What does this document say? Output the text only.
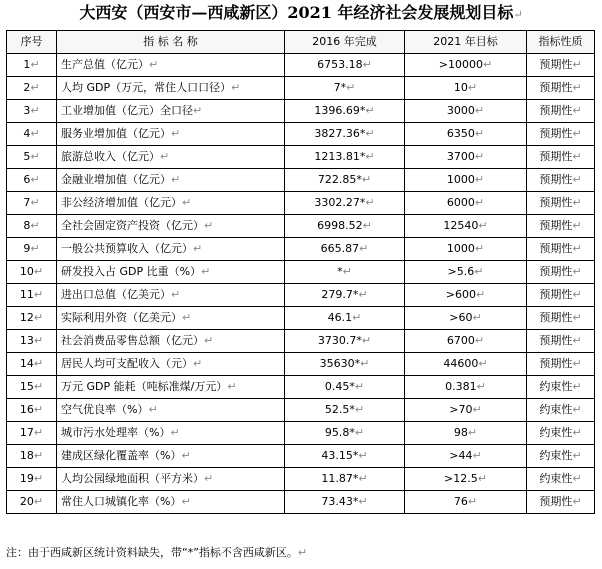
大西安（西安市—西咸新区）2021 年经济社会发展规划目标↵
序号	指 标 名 称	2016 年完成	2021 年目标	指标性质
1↵	生产总值（亿元）↵	6753.18↵	>10000↵	预期性↵
2↵	人均 GDP（万元，常住人口口径）↵	7*↵	10↵	预期性↵
3↵	工业增加值（亿元）全口径↵	1396.69*↵	3000↵	预期性↵
4↵	服务业增加值（亿元）↵	3827.36*↵	6350↵	预期性↵
5↵	旅游总收入（亿元）↵	1213.81*↵	3700↵	预期性↵
6↵	金融业增加值（亿元）↵	722.85*↵	1000↵	预期性↵
7↵	非公经济增加值（亿元）↵	3302.27*↵	6000↵	预期性↵
8↵	全社会固定资产投资（亿元）↵	6998.52↵	12540↵	预期性↵
9↵	一般公共预算收入（亿元）↵	665.87↵	1000↵	预期性↵
10↵	研发投入占 GDP 比重（%）↵	*↵	>5.6↵	预期性↵
11↵	进出口总值（亿美元）↵	279.7*↵	>600↵	预期性↵
12↵	实际利用外资（亿美元）↵	46.1↵	>60↵	预期性↵
13↵	社会消费品零售总额（亿元）↵	3730.7*↵	6700↵	预期性↵
14↵	居民人均可支配收入（元）↵	35630*↵	44600↵	预期性↵
15↵	万元 GDP 能耗（吨标准煤/万元）↵	0.45*↵	0.381↵	约束性↵
16↵	空气优良率（%）↵	52.5*↵	>70↵	约束性↵
17↵	城市污水处理率（%）↵	95.8*↵	98↵	约束性↵
18↵	建成区绿化覆盖率（%）↵	43.15*↵	>44↵	约束性↵
19↵	人均公园绿地面积（平方米）↵	11.87*↵	>12.5↵	约束性↵
20↵	常住人口城镇化率（%）↵	73.43*↵	76↵	预期性↵
注：由于西咸新区统计资料缺失，带“*”指标不含西咸新区。↵
